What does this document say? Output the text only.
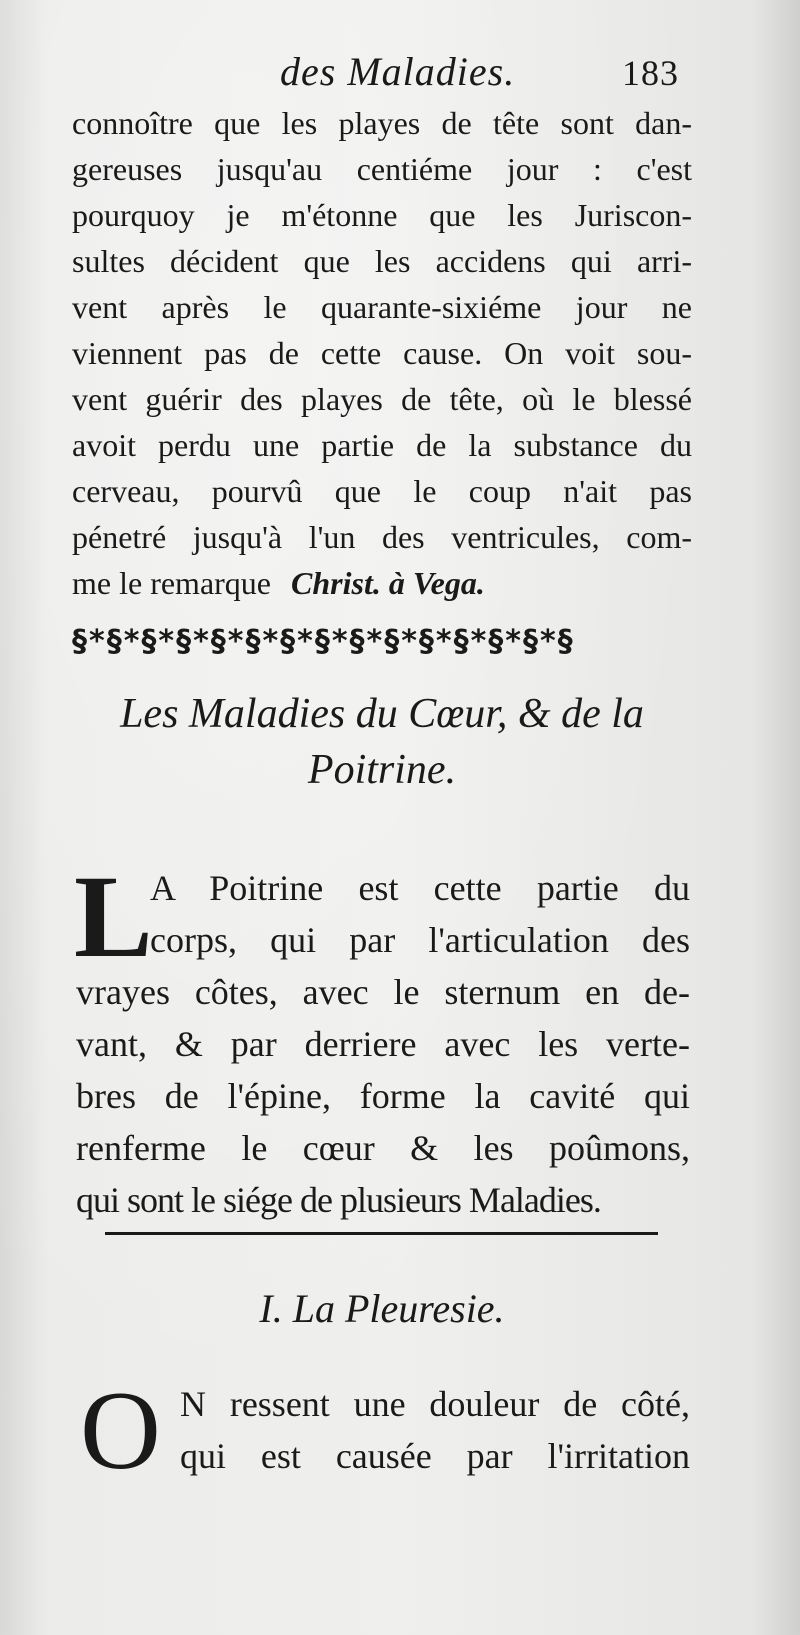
des Maladies.	183
connoître que les playes de tête sont dan-
gereuses jusqu'au centiéme jour : c'est
pourquoy je m'étonne que les Juriscon-
sultes décident que les accidens qui arri-
vent après le quarante-sixiéme jour ne
viennent pas de cette cause. On voit sou-
vent guérir des playes de tête, où le blessé
avoit perdu une partie de la substance du
cerveau, pourvû que le coup n'ait pas
pénetré jusqu'à l'un des ventricules, com-
me le remarque Christ. à Vega.
§*§*§*§*§*§*§*§*§*§*§*§*§*§*§
Les Maladies du Cœur, & de la
Poitrine.
L
A Poitrine est cette partie du
corps, qui par l'articulation des
vrayes côtes, avec le sternum en de-
vant, & par derriere avec les verte-
bres de l'épine, forme la cavité qui
renferme le cœur & les poûmons,
qui sont le siége de plusieurs Maladies.
I. La Pleuresie.
O N ressent une douleur de côté,
qui est causée par l'irritation
